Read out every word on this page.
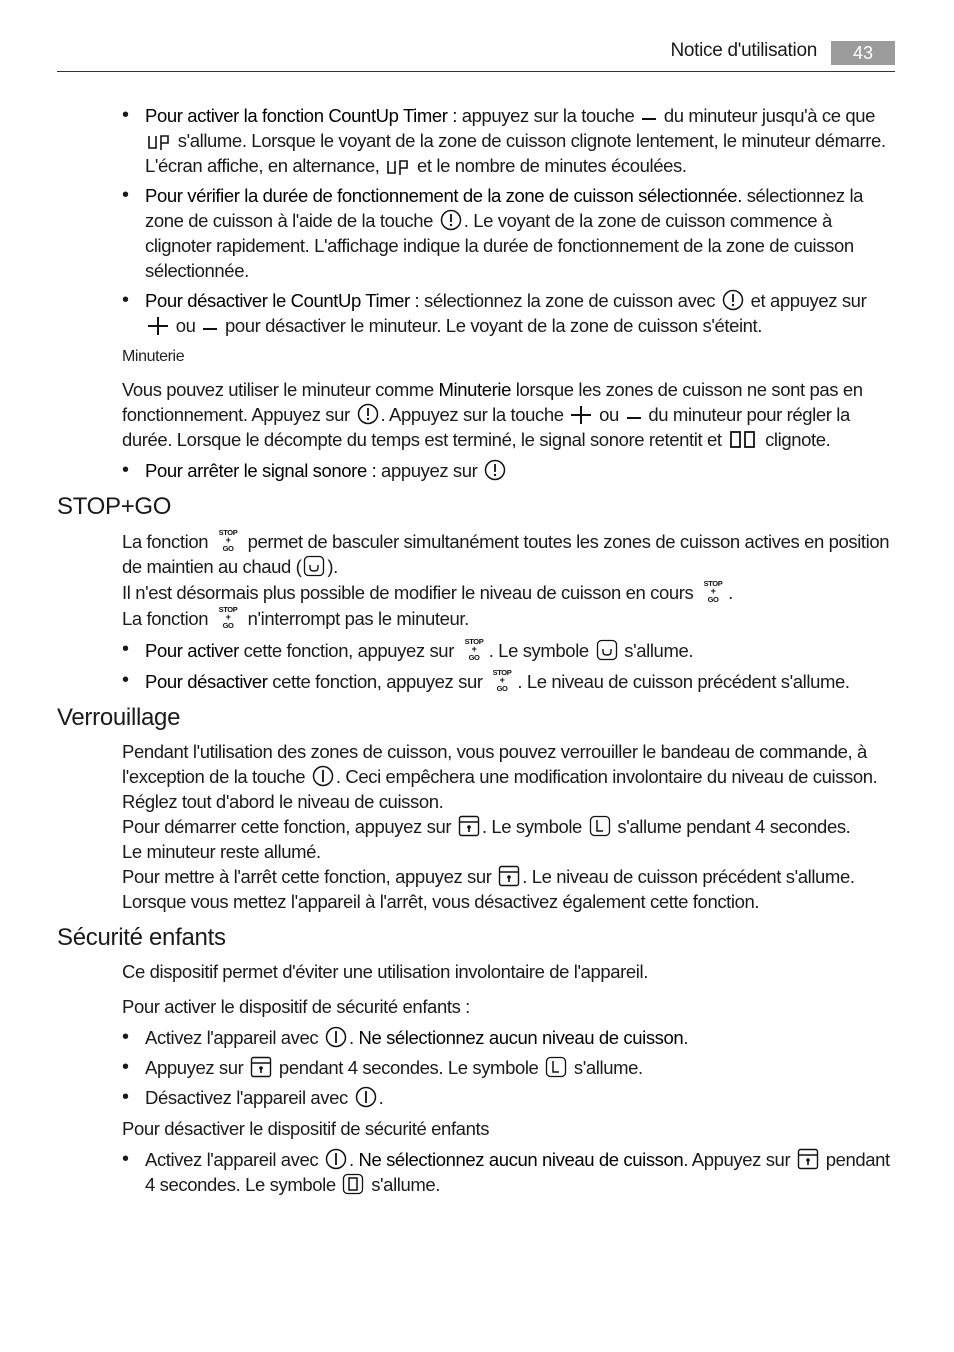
Notice d'utilisation	43
• Pour activer la fonction CountUp Timer : appuyez sur la touche  du minuteur jusqu'à ce que  s'allume. Lorsque le voyant de la zone de cuisson clignote lentement, le minuteur démarre. L'écran affiche, en alternance,  et le nombre de minutes écoulées.
• Pour vérifier la durée de fonctionnement de la zone de cuisson sélectionnée. sélectionnez la zone de cuisson à l'aide de la touche . Le voyant de la zone de cuisson commence à clignoter rapidement. L'affichage indique la durée de fonctionnement de la zone de cuisson sélectionnée.
• Pour désactiver le CountUp Timer : sélectionnez la zone de cuisson avec  et appuyez sur  ou  pour désactiver le minuteur. Le voyant de la zone de cuisson s'éteint.
Minuterie

Vous pouvez utiliser le minuteur comme Minuterie lorsque les zones de cuisson ne sont pas en fonctionnement. Appuyez sur . Appuyez sur la touche  ou  du minuteur pour régler la durée. Lorsque le décompte du temps est terminé, le signal sonore retentit et  clignote.

• Pour arrêter le signal sonore : appuyez sur
STOP+GO

La fonction STOP
+
GO permet de basculer simultanément toutes les zones de cuisson actives en position de maintien au chaud ( ).

Il n'est désormais plus possible de modifier le niveau de cuisson en cours STOP
+
GO .

La fonction STOP
+
GO n'interrompt pas le minuteur.

• Pour activer cette fonction, appuyez sur STOP
+
GO . Le symbole  s'allume.
• Pour désactiver cette fonction, appuyez sur STOP
+
GO . Le niveau de cuisson précédent s'allume.
Verrouillage

Pendant l'utilisation des zones de cuisson, vous pouvez verrouiller le bandeau de commande, à l'exception de la touche . Ceci empêchera une modification involontaire du niveau de cuisson.

Réglez tout d'abord le niveau de cuisson.

Pour démarrer cette fonction, appuyez sur . Le symbole  s'allume pendant 4 secondes.

Le minuteur reste allumé.

Pour mettre à l'arrêt cette fonction, appuyez sur . Le niveau de cuisson précédent s'allume.

Lorsque vous mettez l'appareil à l'arrêt, vous désactivez également cette fonction.

Sécurité enfants

Ce dispositif permet d'éviter une utilisation involontaire de l'appareil.

Pour activer le dispositif de sécurité enfants :

• Activez l'appareil avec . Ne sélectionnez aucun niveau de cuisson.
• Appuyez sur  pendant 4 secondes. Le symbole  s'allume.
• Désactivez l'appareil avec .

Pour désactiver le dispositif de sécurité enfants

• Activez l'appareil avec . Ne sélectionnez aucun niveau de cuisson. Appuyez sur  pendant 4 secondes. Le symbole  s'allume.
